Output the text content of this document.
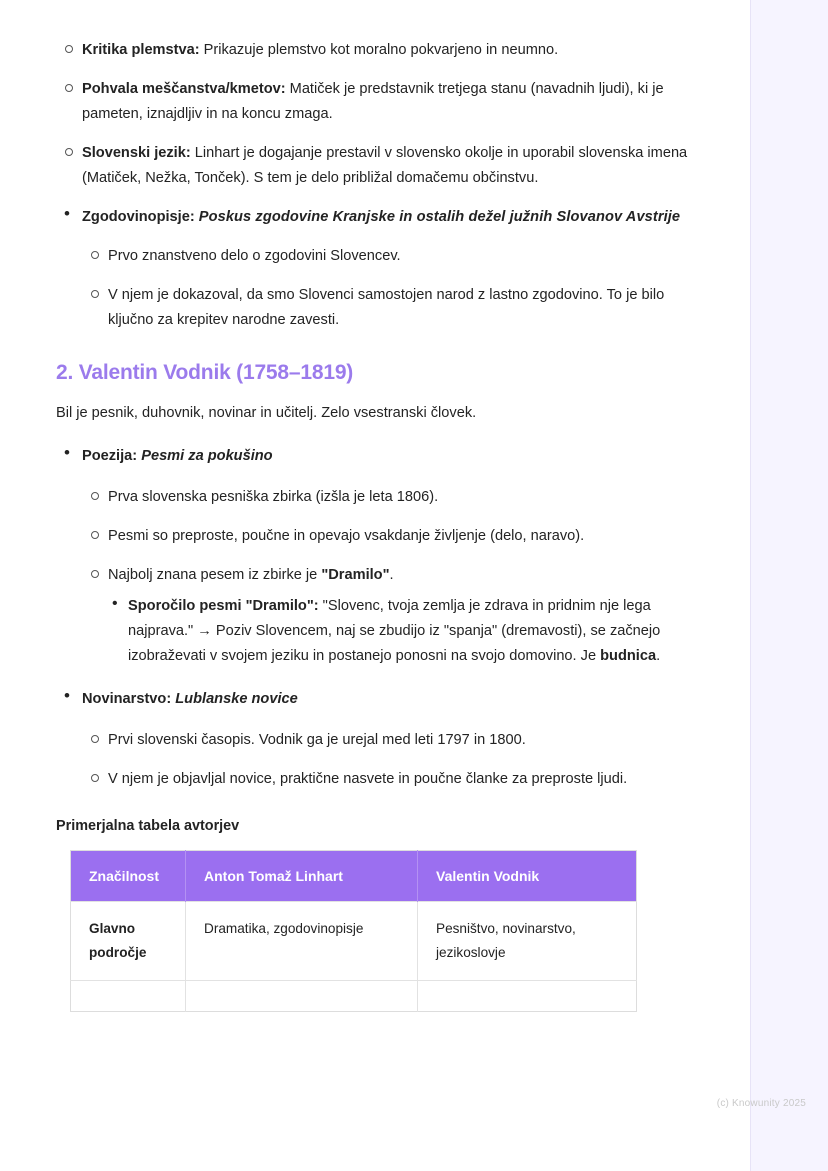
Kritika plemstva: Prikazuje plemstvo kot moralno pokvarjeno in neumno.
Pohvala meščanstva/kmetov: Matiček je predstavnik tretjega stanu (navadnih ljudi), ki je pameten, iznajdljiv in na koncu zmaga.
Slovenski jezik: Linhart je dogajanje prestavil v slovensko okolje in uporabil slovenska imena (Matiček, Nežka, Tonček). S tem je delo približal domačemu občinstvu.
• Zgodovinopisje: Poskus zgodovine Kranjske in ostalih dežel južnih Slovanov Avstrije
Prvo znanstveno delo o zgodovini Slovencev.
V njem je dokazoval, da smo Slovenci samostojen narod z lastno zgodovino. To je bilo ključno za krepitev narodne zavesti.
2. Valentin Vodnik (1758–1819)

Bil je pesnik, duhovnik, novinar in učitelj. Zelo vsestranski človek.

• Poezija: Pesmi za pokušino
Prva slovenska pesniška zbirka (izšla je leta 1806).
Pesmi so preproste, poučne in opevajo vsakdanje življenje (delo, naravo).
Najbolj znana pesem iz zbirke je "Dramilo".
• Sporočilo pesmi "Dramilo": "Slovenc, tvoja zemlja je zdrava in pridnim nje lega najprava." → Poziv Slovencem, naj se zbudijo iz "spanja" (dremavosti), se začnejo izobraževati v svojem jeziku in postanejo ponosni na svojo domovino. Je budnica.
• Novinarstvo: Lublanske novice
Prvi slovenski časopis. Vodnik ga je urejal med leti 1797 in 1800.
V njem je objavljal novice, praktične nasvete in poučne članke za preproste ljudi.
Primerjalna tabela avtorjev
Značilnost	Anton Tomaž Linhart	Valentin Vodnik
Glavno področje	Dramatika, zgodovinopisje	Pesništvo, novinarstvo, jezikoslovje

(c) Knowunity 2025
